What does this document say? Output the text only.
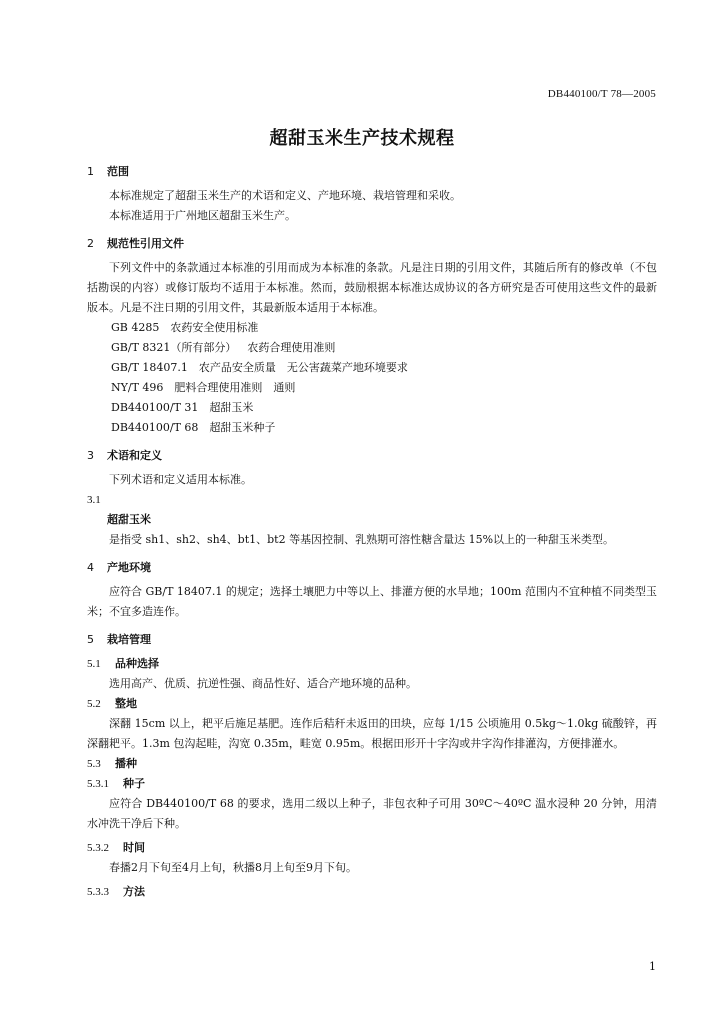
DB440100/T 78—2005
超甜玉米生产技术规程
1 范围

本标准规定了超甜玉米生产的术语和定义、产地环境、栽培管理和采收。

本标准适用于广州地区超甜玉米生产。

2 规范性引用文件

下列文件中的条款通过本标准的引用而成为本标准的条款。凡是注日期的引用文件，其随后所有的修改单（不包括勘误的内容）或修订版均不适用于本标准。然而，鼓励根据本标准达成协议的各方研究是否可使用这些文件的最新版本。凡是不注日期的引用文件，其最新版本适用于本标准。

GB 4285　 农药安全使用标准

GB/T 8321（所有部分）　 农药合理使用准则

GB/T 18407.1　 农产品安全质量　无公害蔬菜产地环境要求

NY/T 496　 肥料合理使用准则　通则

DB440100/T 31　 超甜玉米

DB440100/T 68　 超甜玉米种子

3 术语和定义

下列术语和定义适用本标准。

3.1
超甜玉米

是指受 sh1、sh2、sh4、bt1、bt2 等基因控制、乳熟期可溶性糖含量达 15%以上的一种甜玉米类型。

4 产地环境

应符合 GB/T 18407.1 的规定；选择土壤肥力中等以上、排灌方便的水旱地；100m 范围内不宜种植不同类型玉米；不宜多造连作。

5 栽培管理
5.1 品种选择

选用高产、优质、抗逆性强、商品性好、适合产地环境的品种。

5.2 整地

深翻 15cm 以上，耙平后施足基肥。连作后秸秆未返田的田块，应每 1/15 公顷施用 0.5kg～1.0kg 硫酸锌，再深翻耙平。1.3m 包沟起畦，沟宽 0.35m，畦宽 0.95m。根据田形开十字沟或井字沟作排灌沟，方便排灌水。

5.3 播种
5.3.1 种子

应符合 DB440100/T 68 的要求，选用二级以上种子，非包衣种子可用 30ºC～40ºC 温水浸种 20 分钟，用清水冲洗干净后下种。

5.3.2 时间

春播2月下旬至4月上旬，秋播8月上旬至9月下旬。

5.3.3 方法
1
